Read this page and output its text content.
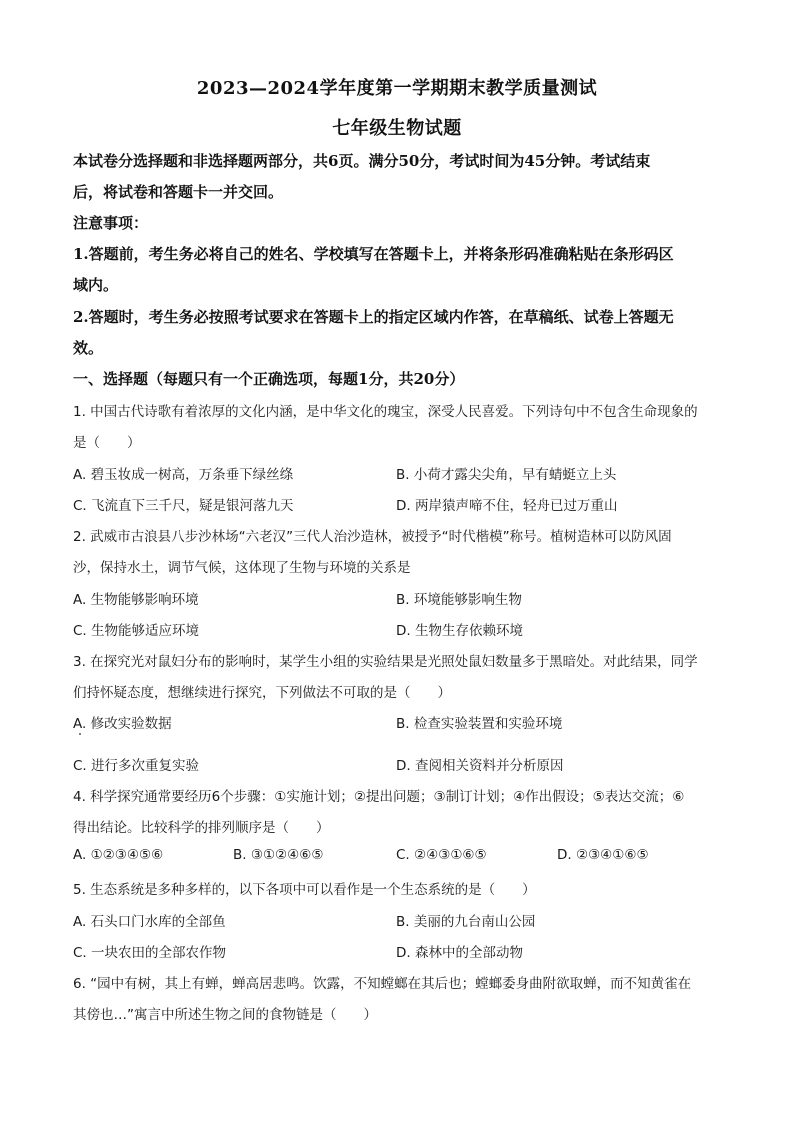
2023—2024学年度第一学期期末教学质量测试
七年级生物试题
本试卷分选择题和非选择题两部分，共6页。满分50分，考试时间为45分钟。考试结束
后，将试卷和答题卡一并交回。
注意事项：
1.答题前，考生务必将自己的姓名、学校填写在答题卡上，并将条形码准确粘贴在条形码区
域内。
2.答题时，考生务必按照考试要求在答题卡上的指定区域内作答，在草稿纸、试卷上答题无
效。
一、选择题（每题只有一个正确选项，每题1分，共20分）
1. 中国古代诗歌有着浓厚的文化内涵，是中华文化的瑰宝，深受人民喜爱。下列诗句中不包含生命现象的
是（　　）
A. 碧玉妆成一树高，万条垂下绿丝绦	B. 小荷才露尖尖角，早有蜻蜓立上头
C. 飞流直下三千尺，疑是银河落九天	D. 两岸猿声啼不住，轻舟已过万重山
2. 武威市古浪县八步沙林场“六老汉”三代人治沙造林，被授予“时代楷模”称号。植树造林可以防风固
沙，保持水土，调节气候，这体现了生物与环境的关系是
A. 生物能够影响环境	B. 环境能够影响生物
C. 生物能够适应环境	D. 生物生存依赖环境
3. 在探究光对鼠妇分布的影响时，某学生小组的实验结果是光照处鼠妇数量多于黑暗处。对此结果，同学
们持怀疑态度，想继续进行探究，下列做法不可取的是（　　）
A. 修改实验数据	B. 检查实验装置和实验环境
C. 进行多次重复实验	D. 查阅相关资料并分析原因
4. 科学探究通常要经历6个步骤：①实施计划；②提出问题；③制订计划；④作出假设；⑤表达交流；⑥
得出结论。比较科学的排列顺序是（　　）
A. ①②③④⑤⑥	B. ③①②④⑥⑤	C. ②④③①⑥⑤	D. ②③④①⑥⑤
5. 生态系统是多种多样的，以下各项中可以看作是一个生态系统的是（　　）
A. 石头口门水库的全部鱼	B. 美丽的九台南山公园
C. 一块农田的全部农作物	D. 森林中的全部动物
6. “园中有树，其上有蝉，蝉高居悲鸣。饮露，不知螳螂在其后也；螳螂委身曲附欲取蝉，而不知黄雀在
其傍也…”寓言中所述生物之间的食物链是（　　）
